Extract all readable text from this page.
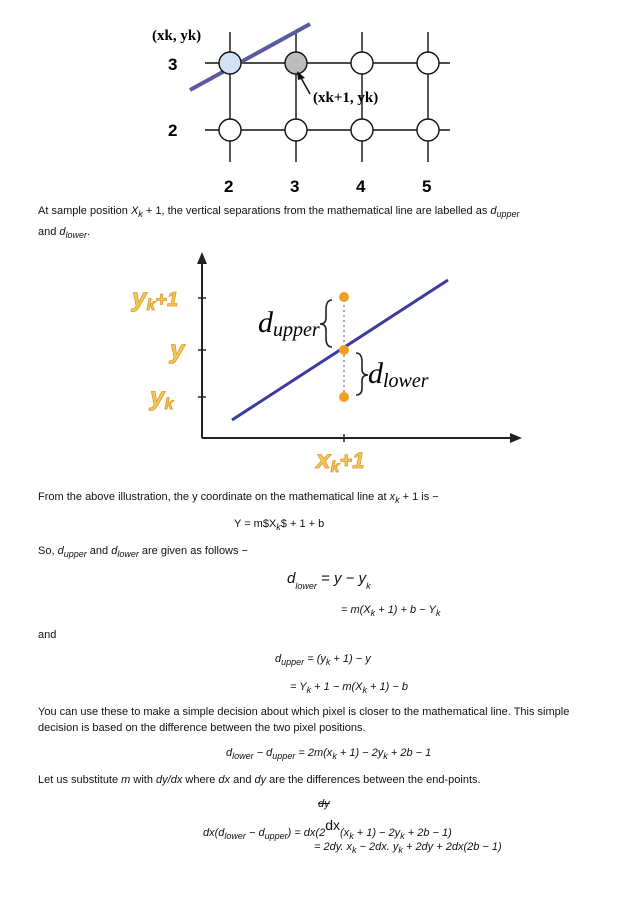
3
2
2	3	4	5
(xk, yk)
(xk+1, yk)
At sample position $X_k + 1$, the vertical separations from the mathematical line are labelled as $d_{upper}$
and $d_{lower}$.
dupper
dlower
yk+1
y
yk
xk+1
From the above illustration, the y coordinate on the mathematical line at $x_k + 1$ is −
$Y = m\$X_k\$ + 1 + b$
So, $d_{upper}$ and $d_{lower}$ are given as follows −
$d_{lower} = y - y_k$
= $m(X_k + 1) + b - Y_k$
and
$d_{upper} = (y_k + 1) - y$
= $Y_k + 1 - m(X_k + 1) - b$
You can use these to make a simple decision about which pixel is closer to the mathematical line. This simple
decision is based on the difference between the two pixel positions.
$d_{lower} - d_{upper} = 2m(x_k + 1) - 2y_k + 2b - 1$
Let us substitute m with dy/dx where dx and dy are the differences between the end-points.
dy
$dx(d_{lower} - d_{upper}) = dx(2dx(x_k + 1) - 2y_k + 2b - 1)$
= 2dy. $x_k - 2dx$. $y_k + 2dy + 2dx(2b - 1)$
